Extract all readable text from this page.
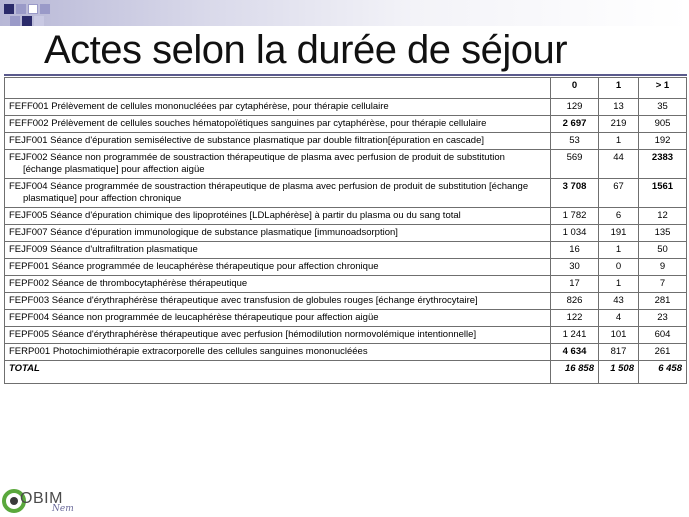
Actes selon la durée de séjour
	0	1	> 1

FEFF001 Prélèvement de cellules mononucléées par cytaphérèse, pour thérapie cellulaire	129	13	35

FEFF002 Prélèvement de cellules souches hématopoïétiques sanguines par cytaphérèse, pour thérapie cellulaire	2 697	219	905

FEJF001 Séance d'épuration semisélective de substance plasmatique par double filtration[épuration en cascade]	53	1	192

FEJF002 Séance non programmée de soustraction thérapeutique de plasma avec perfusion de produit de substitution [échange plasmatique] pour affection aigüe	569	44	2383

FEJF004 Séance programmée de soustraction thérapeutique de plasma avec perfusion de produit de substitution [échange plasmatique] pour affection chronique	3 708	67	1561

FEJF005 Séance d'épuration chimique des lipoprotéines [LDLaphérèse] à partir du plasma ou du sang total	1 782	6	12

FEJF007 Séance d'épuration immunologique de substance plasmatique [immunoadsorption]	1 034	191	135

FEJF009 Séance d'ultrafiltration plasmatique	16	1	50

FEPF001 Séance programmée de leucaphérèse thérapeutique pour affection chronique	30	0	9

FEPF002 Séance de thrombocytaphérèse thérapeutique	17	1	7

FEPF003 Séance d'érythraphérèse thérapeutique avec transfusion de globules rouges [échange érythrocytaire]	826	43	281

FEPF004 Séance non programmée de leucaphérèse thérapeutique pour affection aigüe	122	4	23

FEPF005 Séance d'érythraphérèse thérapeutique avec perfusion [hémodilution normovolémique intentionnelle]	1 241	101	604

FERP001 Photochimiothérapie extracorporelle des cellules sanguines mononucléées	4 634	817	261
TOTAL	16 858	1 508	6 458
OBIM
Nem
